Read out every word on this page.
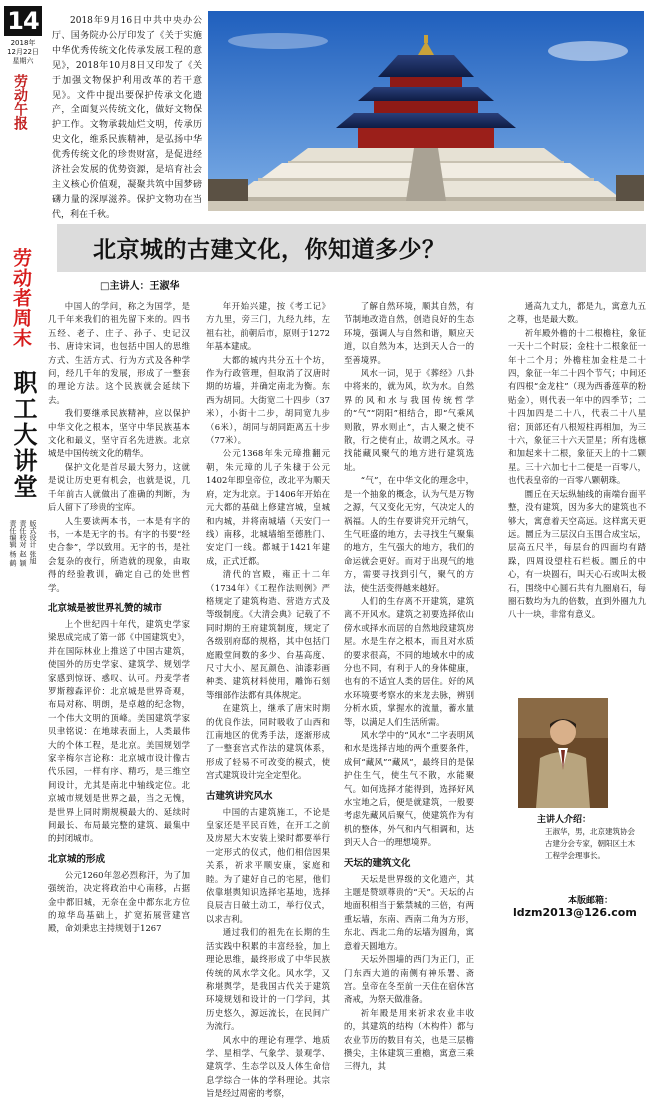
14
2018年
12月22日
星期六
劳动午报
劳动者周末
职工大讲堂
版式设计 张旭
责任校对 赵 颖
责任编辑 杨 鹤

2018年9月16日中共中央办公厅、国务院办公厅印发了《关于实施中华优秀传统文化传承发展工程的意见》，2018年10月8日又印发了《关于加强文物保护利用改革的若干意见》。文件中提出要保护传承文化遗产，全面复兴传统文化，做好文物保护工作。文物承载灿烂文明，传承历史文化，维系民族精神，是弘扬中华优秀传统文化的珍贵财富，是促进经济社会发展的优势资源，是培育社会主义核心价值观，凝聚共筑中国梦磅礴力量的深厚滋养。保护文物功在当代，利在千秋。

北京城的古建文化，你知道多少？
□主讲人：王淑华

中国人的学问，称之为国学，是几千年来我们的祖先留下来的。四书五经、老子、庄子、孙子、史记汉书、唐诗宋词，也包括中国人的思维方式、生活方式、行为方式及各种学问，经几千年的发展，形成了一整套的理论方法。这个民族就会延续下去。

我们要继承民族精神，应以保护中华文化之根本，坚守中华民族基本文化和最义，坚守百名先进族。北京城是中国传统文化的精华。

保护文化是首尽最大努力，这就是说让历史更有机会，也就是说，几千年前古人就做出了准确的判断，为后人留下了珍贵的宝库。

人生要读两本书，一本是有字的书，一本是无字的书。有字的书要“经史合参”，学以致用。无字的书，是社会复杂的夜行，所造就的现象，由取得的经验教训，确定自己的处世哲学。

北京城是被世界礼赞的城市

上个世纪四十年代，建筑史学家梁思成完成了第一部《中国建筑史》，并在国际林业上推送了中国古建筑，使国外的历史学家、建筑学、规划学家感到惊讶、惑叹、认可。丹麦学者罗斯穆森评价：北京城是世界奇观，布局对称、明朗，是卓越的纪念物，一个伟大文明的顶峰。美国建筑学家贝聿铭说：在地球表面上，人类最伟大的个体工程，是北京。美国规划学家辛梅尔言论称：北京城市设计像古代乐园，一样有序、精巧，是三维空间设计，尤其是南北中轴线定位。北京城市规划是世界之最，当之无愧，是世界上同时期规模最大的、延续时间最长、布局最完整的建筑、最集中的封闭城市。

北京城的形成

公元1260年忽必烈称汗，为了加强统治，决定将政治中心南移，占据金中都旧城，无奈在金中都东北方位的琼华岛基础上，扩宽拓展营建宫殿，命刘秉忠主持规划于1267

年开始兴建，按《考工记》方九里，旁三门，九经九纬，左祖右社，前朝后市，原则于1272年基本建成。

大都的城内共分五十个坊，作为行政管理，但取消了汉唐时期的坊墙，并确定南北为衡。东西为胡同。大街宽二十四步（37米），小街十二步，胡同宽九步（6米），胡同与胡同距离五十步（77米）。

公元1368年朱元璋推翻元朝，朱元璋的儿子朱棣于公元1402年即皇帝位，改北平为顺天府，定为北京。于1406年开始在元大都的基础上修建宫城，皇城和内城，并将南城墙（天安门一线）南移，北城墙缩至德胜门、安定门一线。都城于1421年建成，正式迁都。

清代的宫殿，雍正十二年（1734年）《工程作法则例》严格规定了建筑构造、营造方式及等级制度。《大清会典》记载了不同时期的王府建筑制度，规定了各级别府邸的规格，其中包括门庭殿堂间数的多少、台基高度、尺寸大小、屋瓦颜色、油漆彩画种类、建筑材料使用，雕饰石刻等细部作法都有具体规定。

在建筑上，继承了唐宋时期的优良作法，同时吸收了山西和江南地区的优秀手法，逐渐形成了一整套宫式作法的建筑体系，形成了轻易不可改变的模式，使宫式建筑设计完全定型化。

古建筑讲究风水

中国的古建筑施工，不论是皇家还是平民百姓，在开工之前及房屋大木安装上梁时都要举行一定形式的仪式，他们相信因果关系，祈求平顺安康，家庭和睦。为了建好自己的宅屋，他们依靠堪舆知识选择宅基地，选择良辰吉日破土动工，举行仪式，以求吉利。

通过我们的祖先在长期的生活实践中积累的丰富经验，加上理论思维，最终形成了中华民族传统的风水学文化。风水学，又称堪舆学，是我国古代关于建筑环境规划和设计的一门学问，其历史悠久，源远流长，在民间广为流行。

风水中的理论有理学、地质学、星相学、气象学、景观学、建筑学、生态学以及人体生命信息学综合一体的学科理论。其宗旨是经过周密的考察，

了解自然环境，顺其自然，有节制地改造自然，创造良好的生态环境，强调人与自然和谐，顺应天道，以自然为本，达到天人合一的至善境界。

风水一词，见于《葬经》八卦中将来的，就为风，坎为水。自然界的风和水与我国传统哲学的“气”“阴阳”相结合，即“气乘风则散，界水则止”，古人聚之使不散，行之使有止，故谓之风水。寻找能藏风聚气的地方进行建筑选址。

“气”，在中华文化的理念中，是一个抽象的概念，认为气是万物之源，气又变化无穷，气决定人的祸福。人的生存要讲究开元纳气，生气旺盛的地方，去寻找生气聚集的地方，生气强大的地方，我们的命运就会更好。而对于出现气的地方，需要寻找到引气，聚气的方法，使生活变得越来越好。

人们的生存离不开建筑，建筑离不开风水。建筑之初要选择依山傍水或择水而居的自然地段建筑房屋。水是生存之根本，而且对水质的要求很高，不同的地域水中的成分也不同，有利于人的身体健康，也有的不适宜人类的居住。好的风水环境要考察水的来龙去脉，辨别分析水质，掌握水的流量，蓄水量等，以满足人们生活所需。

风水学中的“风水”二字表明风和水是选择吉地的两个重要条件，成何“藏风”“藏风”，最终目的是保护住生气，使生气不散，水能聚气。如何选择才能得到，选择好风水宝地之后，便是就建筑，一般要考虑先藏风后聚气，使建筑作为有机的整体，外气和内气相调和，达到天人合一的理想境界。

天坛的建筑文化

天坛是世界级的文化遗产，其主题是赞颂尊贵的“天”。天坛的占地面积相当于紫禁城的三倍，有两重坛墙，东南、西南二角为方形，东北、西北二角的坛墙为圆角，寓意着天圆地方。

天坛外围墙的西门为正门，正门东西大道的南侧有神乐署、斋宫。皇帝在冬至前一天住在宿休宫斋戒，为祭天做准备。

祈年殿是用来祈求农业丰收的，其建筑的结构（木构件）都与农业节历的数目有关，也是三层檐攒尖，主体建筑三重檐，寓意三乘三得九，其

通高九丈九，都是九，寓意九五之尊，也是最大数。

祈年殿外檐的十二根檐柱，象征一天十二个时辰；金柱十二根象征一年十二个月；外檐柱加金柱是二十四，象征一年二十四个节气；中间还有四根“金龙柱”（现为西番莲草的粉贴金），则代表一年中的四季节；二十四加四是二十八，代表二十八星宿；顶部还有八根短柱再相加，为三十六，象征三十六天罡星；所有选檩和加起来十二根，象征天上的十二颗星。三十六加七十二便是一百零八，也代表皇帝的一百零八颗朝珠。

圜丘在天坛纵轴线的南端台面平整，没有建筑，因为多大的建筑也不够大，寓意着天空高远。这样寓天更远。圜丘为三层汉白玉围合成宝坛，层高五尺半，每层台的四面均有踏跺，四周设望柱石栏板。圜丘的中心，有一块圆石，叫天心石或叫太极石，围绕中心圆石共有九圈扇石，每圈石数均为九的倍数，直到外圈九九八十一块，非常有意义。

主讲人介绍：

王淑华，男，北京建筑协会古建分会专家，朝阳区土木工程学会理事长。

本版邮箱：
ldzm2013@126.com
